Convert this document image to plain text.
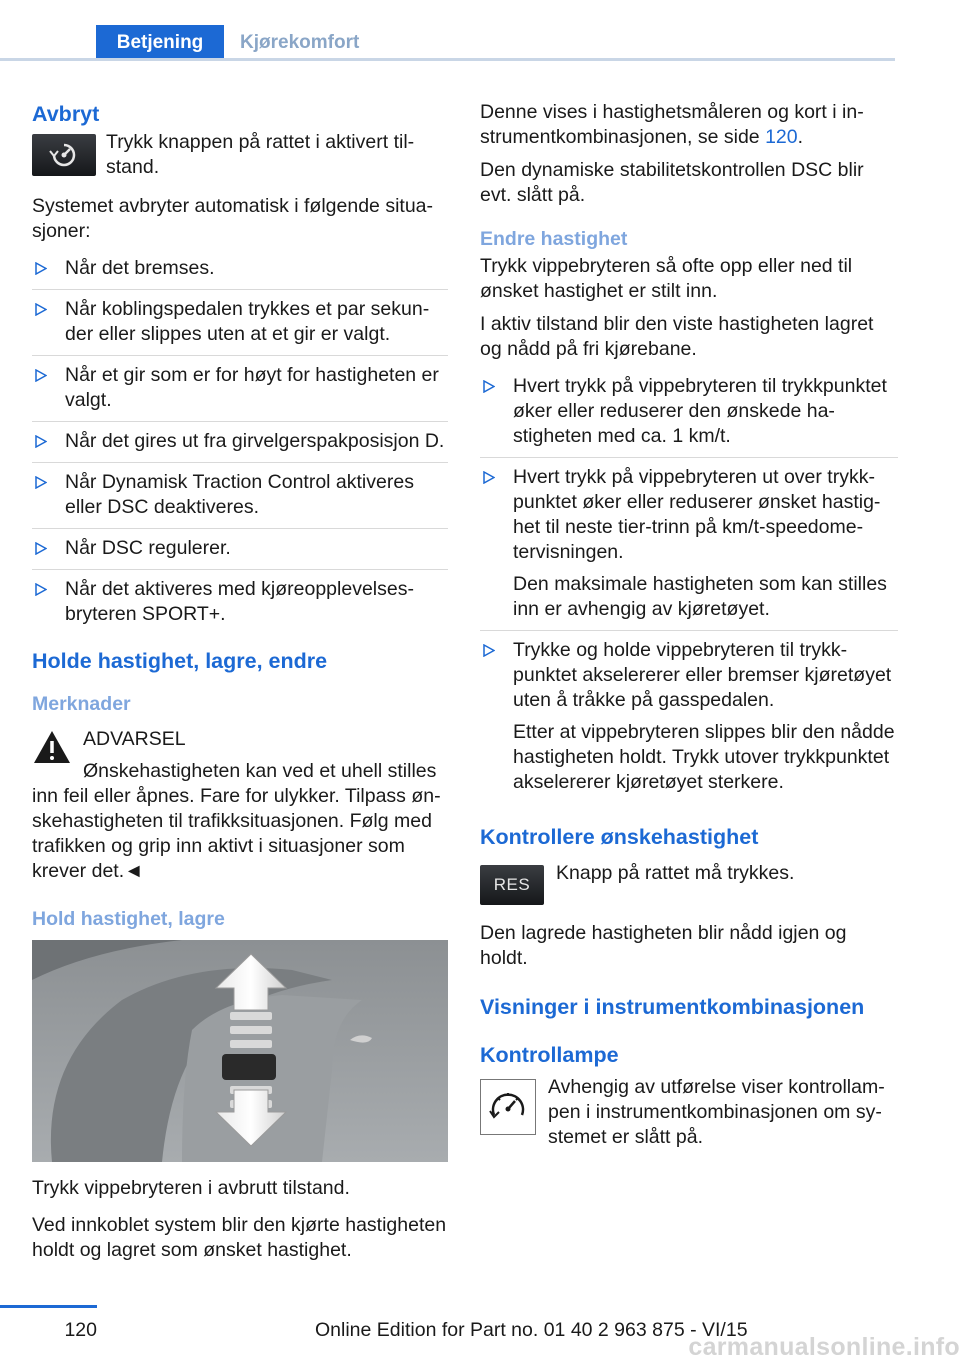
Betjening	Kjørekomfort
Avbryt

Trykk knappen på rattet i aktivert tilstand.

Systemet avbryter automatisk i følgende situasjoner:

Når det bremses.
Når koblingspedalen trykkes et par sekunder eller slippes uten at et gir er valgt.
Når et gir som er for høyt for hastigheten er valgt.
Når det gires ut fra girvelgerspakposisjon D.
Når Dynamisk Traction Control aktiveres eller DSC deaktiveres.
Når DSC regulerer.
Når det aktiveres med kjøreopplevelsesbryteren SPORT+.
Holde hastighet, lagre, endre
Merknader
ADVARSEL
Ønskehastigheten kan ved et uhell stilles
inn feil eller åpnes. Fare for ulykker. Tilpass ønskehastigheten til trafikksituasjonen. Følg med trafikken og grip inn aktivt i situasjoner som krever det.◄
Hold hastighet, lagre

Trykk vippebryteren i avbrutt tilstand.

Ved innkoblet system blir den kjørte hastigheten holdt og lagret som ønsket hastighet.

Denne vises i hastighetsmåleren og kort i instrumentkombinasjonen, se side 120.

Den dynamiske stabilitetskontrollen DSC blir evt. slått på.

Endre hastighet

Trykk vippebryteren så ofte opp eller ned til ønsket hastighet er stilt inn.

I aktiv tilstand blir den viste hastigheten lagret og nådd på fri kjørebane.

Hvert trykk på vippebryteren til trykkpunktet øker eller reduserer den ønskede hastigheten med ca. 1 km/t.
Hvert trykk på vippebryteren ut over trykkpunktet øker eller reduserer ønsket hastighet til neste tier-trinn på km/t-speedometervisningen.
Den maksimale hastigheten som kan stilles inn er avhengig av kjøretøyet.
Trykke og holde vippebryteren til trykkpunktet akselererer eller bremser kjøretøyet uten å tråkke på gasspedalen.
Etter at vippebryteren slippes blir den nådde hastigheten holdt. Trykk utover trykkpunktet akselererer kjøretøyet sterkere.
Kontrollere ønskehastighet
RES

Knapp på rattet må trykkes.

Den lagrede hastigheten blir nådd igjen og holdt.

Visninger i instrumentkombinasjonen
Kontrollampe

Avhengig av utførelse viser kontrollampen i instrumentkombinasjonen om systemet er slått på.

120	Online Edition for Part no. 01 40 2 963 875 - VI/15
carmanualsonline.info
